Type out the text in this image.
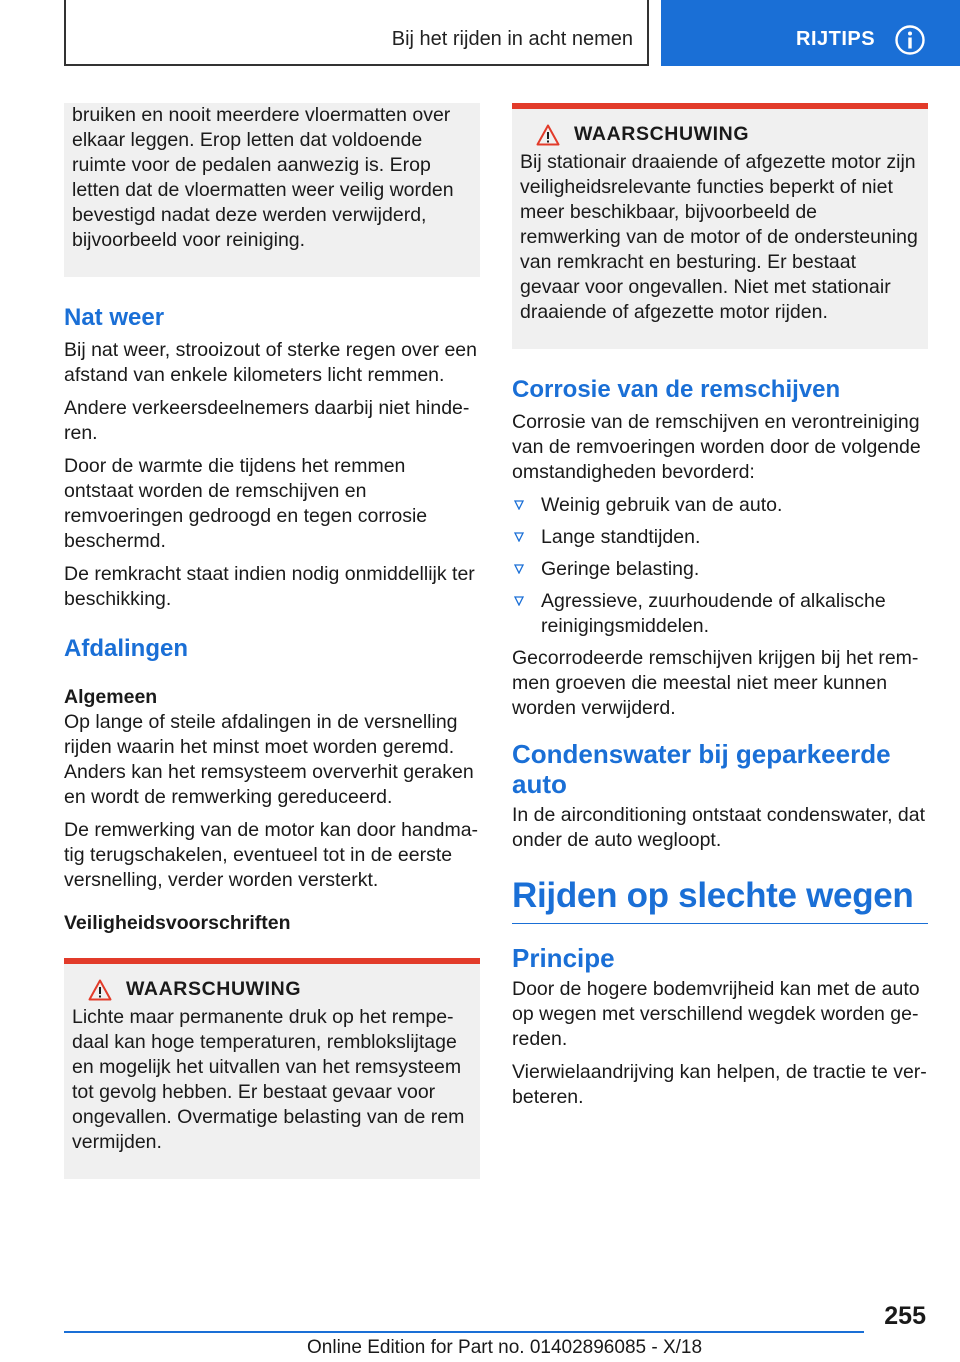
Bij het rijden in acht nemen	RIJTIPS

bruiken en nooit meerdere vloermatten over elkaar leggen. Erop letten dat voldoende ruimte voor de pedalen aanwezig is. Erop letten dat de vloermatten weer veilig worden bevestigd nadat deze werden verwijderd, bijvoorbeeld voor reiniging.

Nat weer

Bij nat weer, strooizout of sterke regen over een afstand van enkele kilometers licht remmen.

Andere verkeersdeelnemers daarbij niet hinderen.

Door de warmte die tijdens het remmen ontstaat worden de remschijven en remvoeringen gedroogd en tegen corrosie beschermd.

De remkracht staat indien nodig onmiddellijk ter beschikking.

Afdalingen
Algemeen

Op lange of steile afdalingen in de versnelling rijden waarin het minst moet worden geremd. Anders kan het remsysteem oververhit geraken en wordt de remwerking gereduceerd.

De remwerking van de motor kan door handmatig terugschakelen, eventueel tot in de eerste versnelling, verder worden versterkt.

Veiligheidsvoorschriften
WAARSCHUWING

Lichte maar permanente druk op het rempedaal kan hoge temperaturen, remblokslijtage en mogelijk het uitvallen van het remsysteem tot gevolg hebben. Er bestaat gevaar voor ongevallen. Overmatige belasting van de rem vermijden.

WAARSCHUWING

Bij stationair draaiende of afgezette motor zijn veiligheidsrelevante functies beperkt of niet meer beschikbaar, bijvoorbeeld de remwerking van de motor of de ondersteuning van remkracht en besturing. Er bestaat gevaar voor ongevallen. Niet met stationair draaiende of afgezette motor rijden.

Corrosie van de remschijven

Corrosie van de remschijven en verontreiniging van de remvoeringen worden door de volgende omstandigheden bevorderd:

Weinig gebruik van de auto.
Lange standtijden.
Geringe belasting.
Agressieve, zuurhoudende of alkalische reinigingsmiddelen.

Gecorrodeerde remschijven krijgen bij het remmen groeven die meestal niet meer kunnen worden verwijderd.

Condenswater bij geparkeerde auto

In de airconditioning ontstaat condenswater, dat onder de auto wegloopt.

Rijden op slechte wegen
Principe

Door de hogere bodemvrijheid kan met de auto op wegen met verschillend wegdek worden gereden.

Vierwielaandrijving kan helpen, de tractie te verbeteren.

255
Online Edition for Part no. 01402896085 - X/18
